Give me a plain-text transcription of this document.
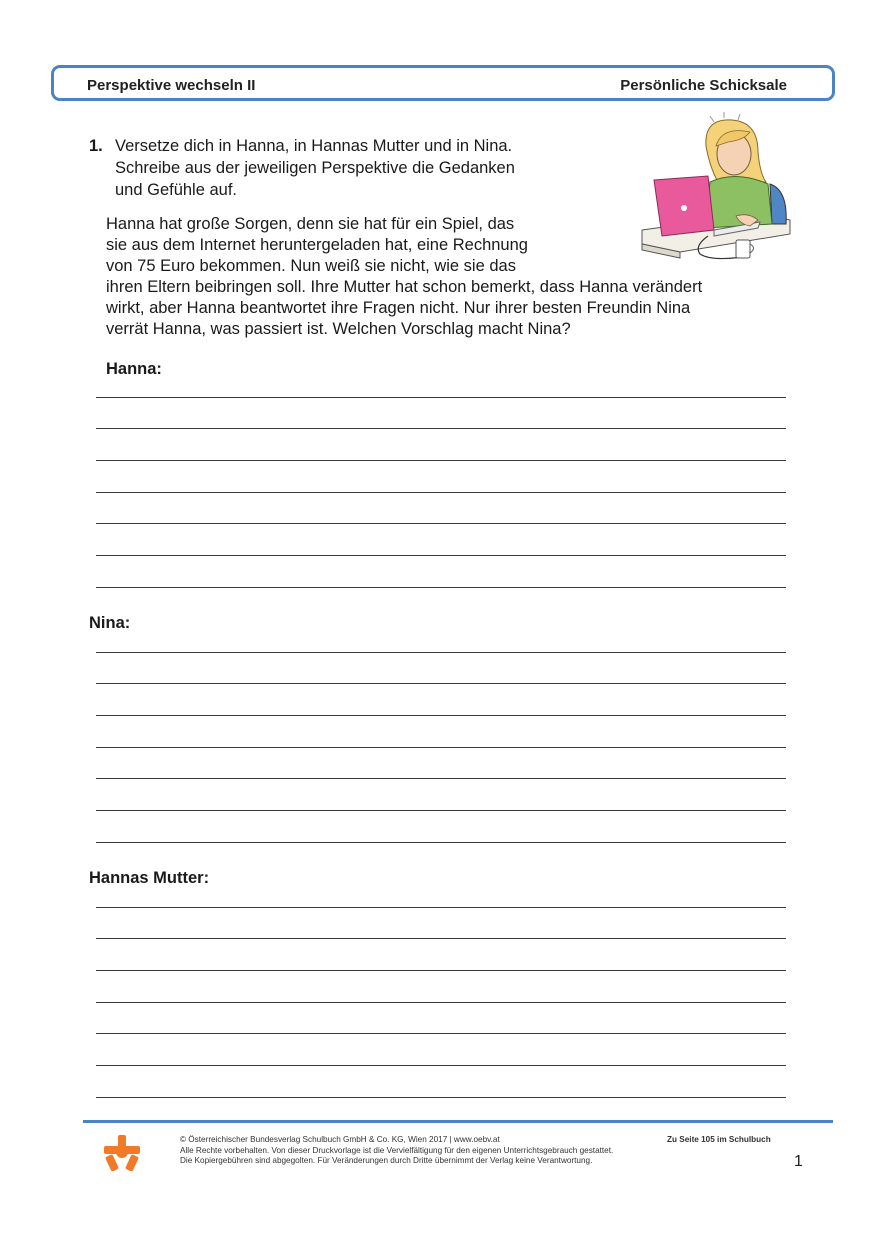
Perspektive wechseln II	Persönliche Schicksale
1. Versetze dich in Hanna, in Hannas Mutter und in Nina.
Schreibe aus der jeweiligen Perspektive die Gedanken
und Gefühle auf.
Hanna hat große Sorgen, denn sie hat für ein Spiel, das
sie aus dem Internet heruntergeladen hat, eine Rechnung
von 75 Euro bekommen. Nun weiß sie nicht, wie sie das
ihren Eltern beibringen soll. Ihre Mutter hat schon bemerkt, dass Hanna verändert
wirkt, aber Hanna beantwortet ihre Fragen nicht. Nur ihrer besten Freundin Nina
verrät Hanna, was passiert ist. Welchen Vorschlag macht Nina?
Hanna:
Nina:
Hannas Mutter:
© Österreichischer Bundesverlag Schulbuch GmbH & Co. KG, Wien 2017 | www.oebv.at
Alle Rechte vorbehalten. Von dieser Druckvorlage ist die Vervielfältigung für den eigenen Unterrichtsgebrauch gestattet.
Die Kopiergebühren sind abgegolten. Für Veränderungen durch Dritte übernimmt der Verlag keine Verantwortung.
Zu Seite 105 im Schulbuch
1
